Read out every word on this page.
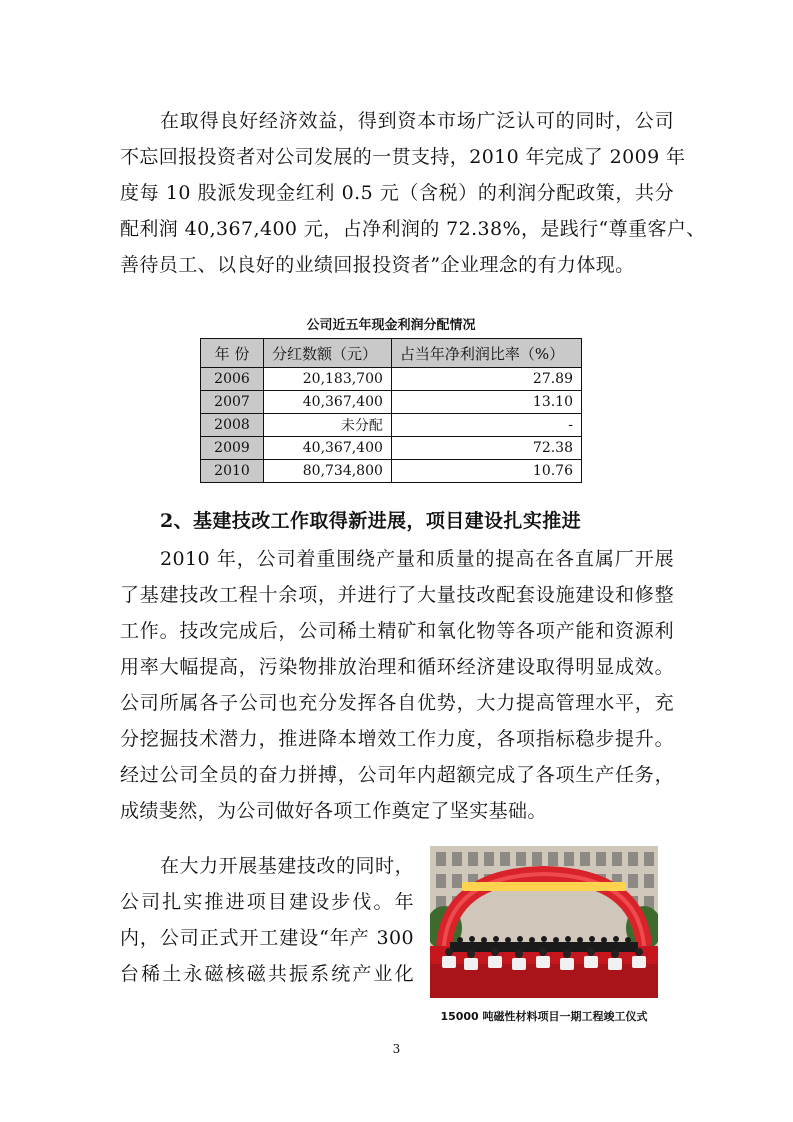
在取得良好经济效益，得到资本市场广泛认可的同时，公司
不忘回报投资者对公司发展的一贯支持，2010 年完成了 2009 年
度每 10 股派发现金红利 0.5 元（含税）的利润分配政策，共分
配利润 40,367,400 元，占净利润的 72.38%，是践行“尊重客户、
善待员工、以良好的业绩回报投资者”企业理念的有力体现。
公司近五年现金利润分配情况
年 份	分红数额（元）	占当年净利润比率（%）
2006	20,183,700	27.89
2007	40,367,400	13.10
2008	未分配	-
2009	40,367,400	72.38
2010	80,734,800	10.76
2、基建技改工作取得新进展，项目建设扎实推进
2010 年，公司着重围绕产量和质量的提高在各直属厂开展
了基建技改工程十余项，并进行了大量技改配套设施建设和修整
工作。技改完成后，公司稀土精矿和氧化物等各项产能和资源利
用率大幅提高，污染物排放治理和循环经济建设取得明显成效。
公司所属各子公司也充分发挥各自优势，大力提高管理水平，充
分挖掘技术潜力，推进降本增效工作力度，各项指标稳步提升。
经过公司全员的奋力拼搏，公司年内超额完成了各项生产任务，
成绩斐然，为公司做好各项工作奠定了坚实基础。
在大力开展基建技改的同时，
公司扎实推进项目建设步伐。年
内，公司正式开工建设“年产 300
台稀土永磁核磁共振系统产业化
15000 吨磁性材料项目一期工程竣工仪式
3
